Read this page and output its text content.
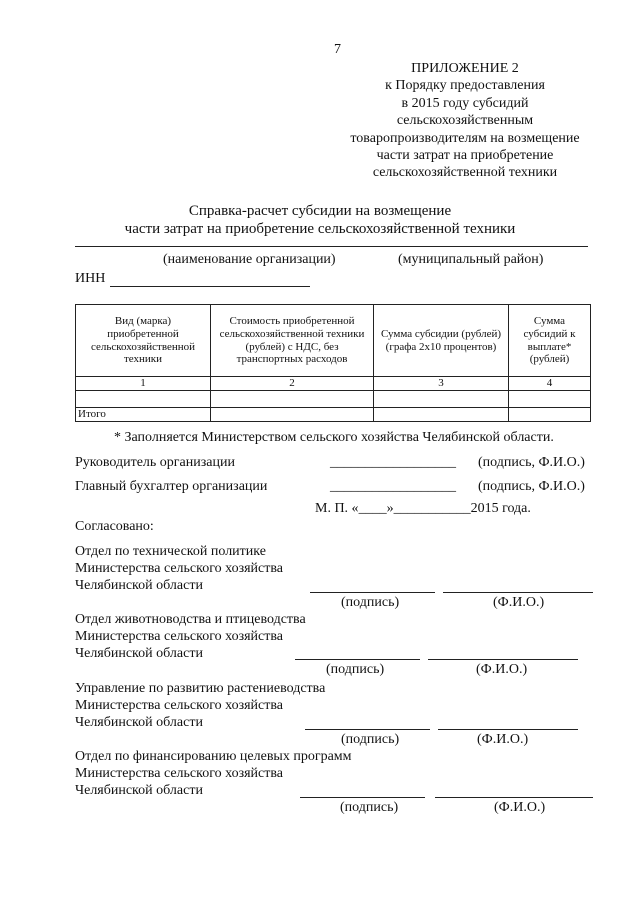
7
ПРИЛОЖЕНИЕ 2
к Порядку предоставления
в 2015 году субсидий
сельскохозяйственным
товаропроизводителям на возмещение
части затрат на приобретение
сельскохозяйственной техники
Справка-расчет субсидии на возмещение
части затрат на приобретение сельскохозяйственной техники
(наименование организации)	(муниципальный район)
ИНН
Вид (марка) приобретенной сельскохозяйственной техники	Стоимость приобретенной сельскохозяйственной техники (рублей) с НДС, без транспортных расходов	Сумма субсидии (рублей) (графа 2х10 процентов)	Сумма субсидий к выплате* (рублей)
1	2	3	4

Итого			
* Заполняется Министерством сельского хозяйства Челябинской области.
Руководитель организации	__________________ (подпись, Ф.И.О.)
Главный бухгалтер организации	__________________ (подпись, Ф.И.О.)
М. П. «____»___________2015 года.
Согласовано:
Отдел по технической политике
Министерства сельского хозяйства
Челябинской области
(подпись)	(Ф.И.О.)
Отдел животноводства и птицеводства
Министерства сельского хозяйства
Челябинской области
(подпись)	(Ф.И.О.)
Управление по развитию растениеводства
Министерства сельского хозяйства
Челябинской области
(подпись)	(Ф.И.О.)
Отдел по финансированию целевых программ
Министерства сельского хозяйства
Челябинской области
(подпись)	(Ф.И.О.)
